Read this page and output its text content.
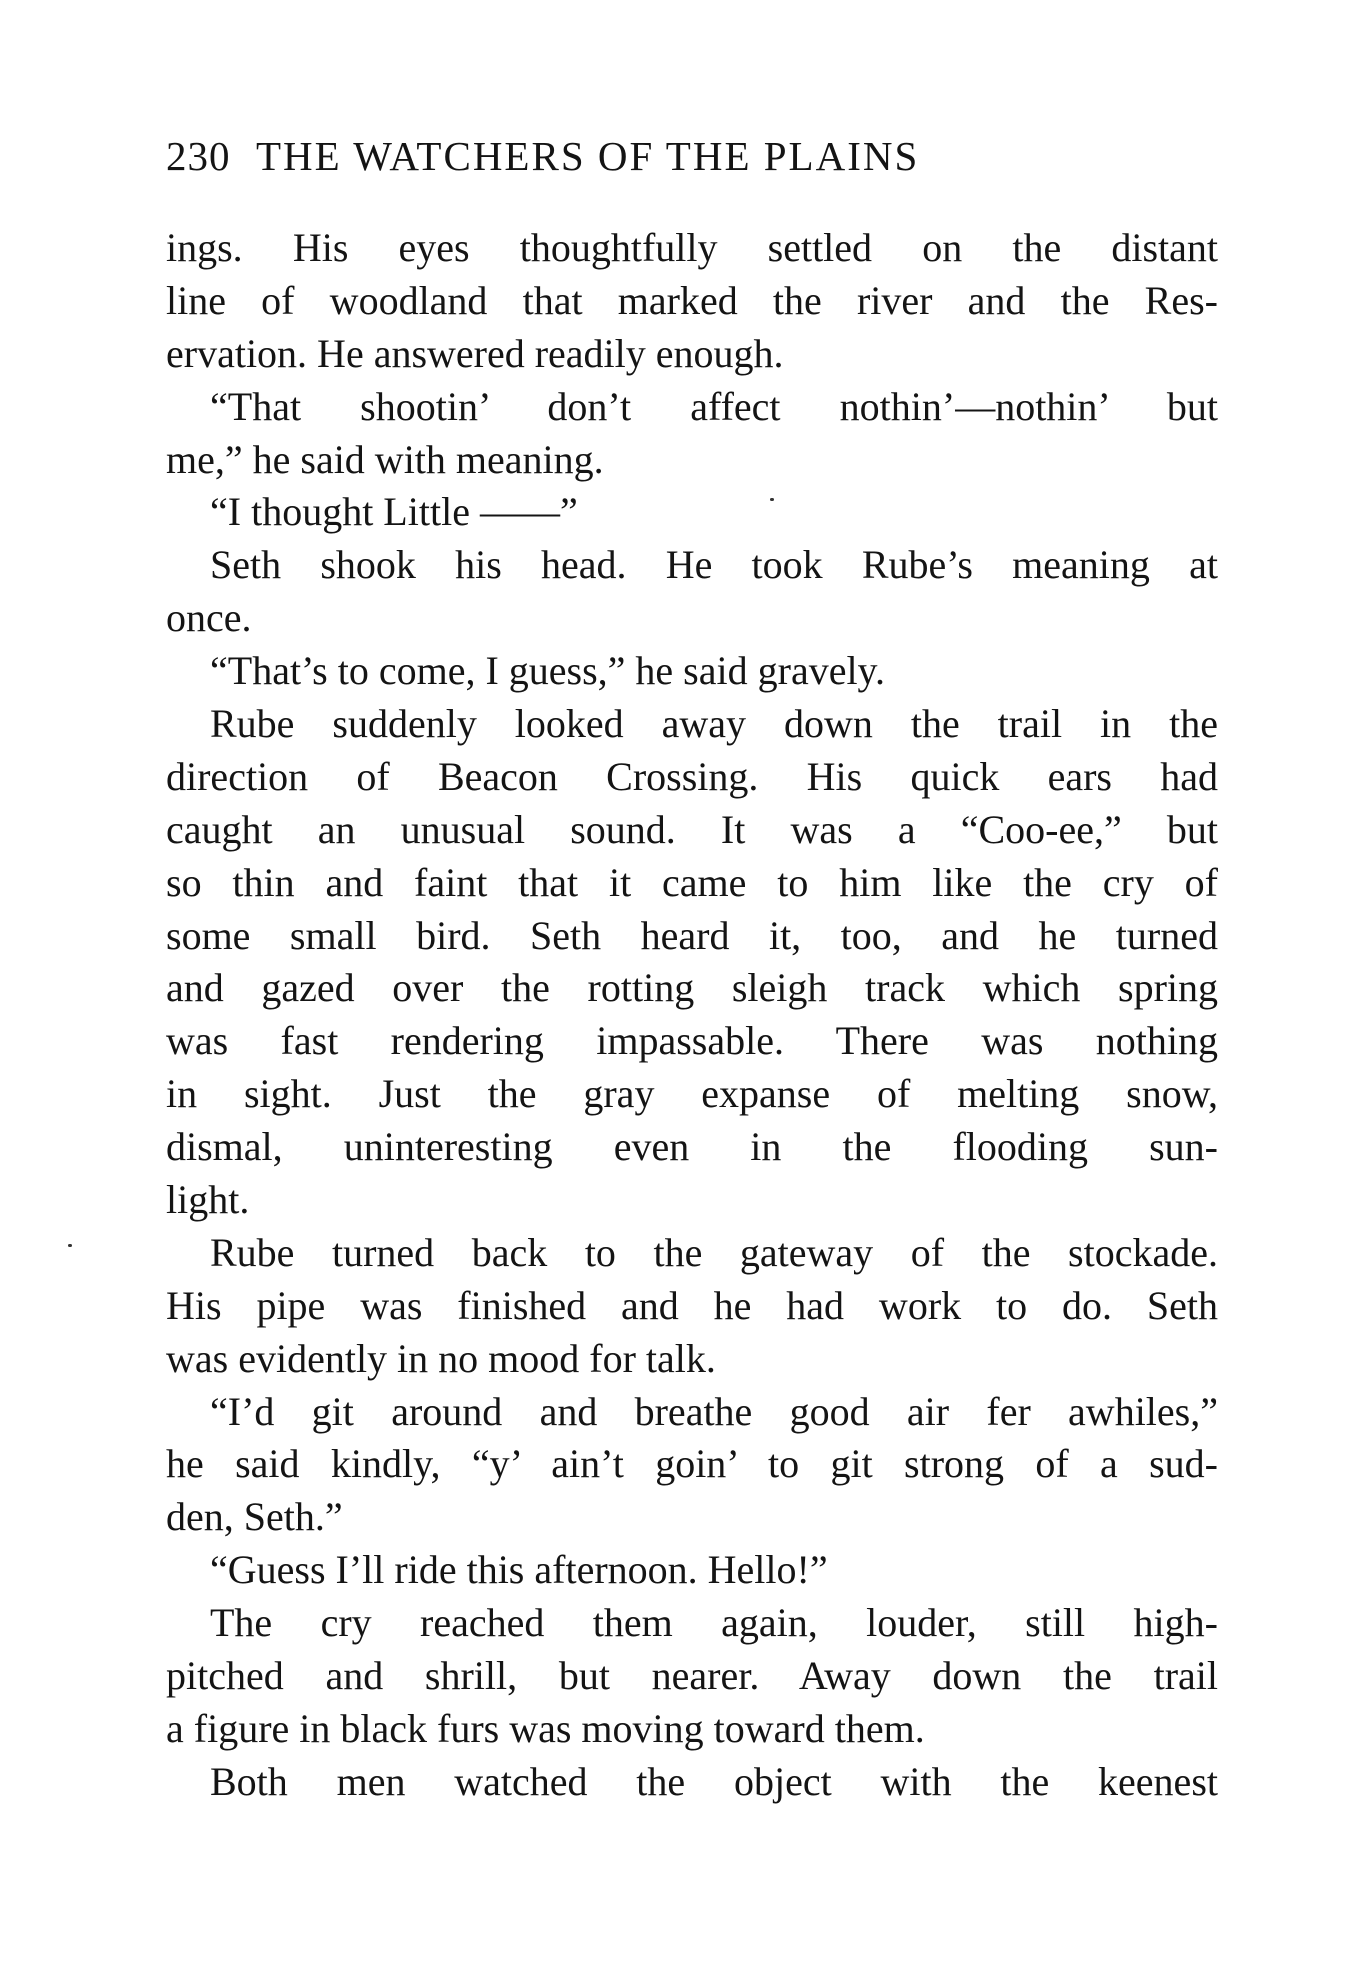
230 THE WATCHERS OF THE PLAINS
ings. His eyes thoughtfully settled on the distant
line of woodland that marked the river and the Res-
ervation. He answered readily enough.
“That shootin’ don’t affect nothin’—nothin’ but
me,” he said with meaning.
“I thought Little ——”
Seth shook his head. He took Rube’s meaning at
once.
“That’s to come, I guess,” he said gravely.
Rube suddenly looked away down the trail in the
direction of Beacon Crossing. His quick ears had
caught an unusual sound. It was a “Coo-ee,” but
so thin and faint that it came to him like the cry of
some small bird. Seth heard it, too, and he turned
and gazed over the rotting sleigh track which spring
was fast rendering impassable. There was nothing
in sight. Just the gray expanse of melting snow,
dismal, uninteresting even in the flooding sun-
light.
Rube turned back to the gateway of the stockade.
His pipe was finished and he had work to do. Seth
was evidently in no mood for talk.
“I’d git around and breathe good air fer awhiles,”
he said kindly, “y’ ain’t goin’ to git strong of a sud-
den, Seth.”
“Guess I’ll ride this afternoon. Hello!”
The cry reached them again, louder, still high-
pitched and shrill, but nearer. Away down the trail
a figure in black furs was moving toward them.
Both men watched the object with the keenest
